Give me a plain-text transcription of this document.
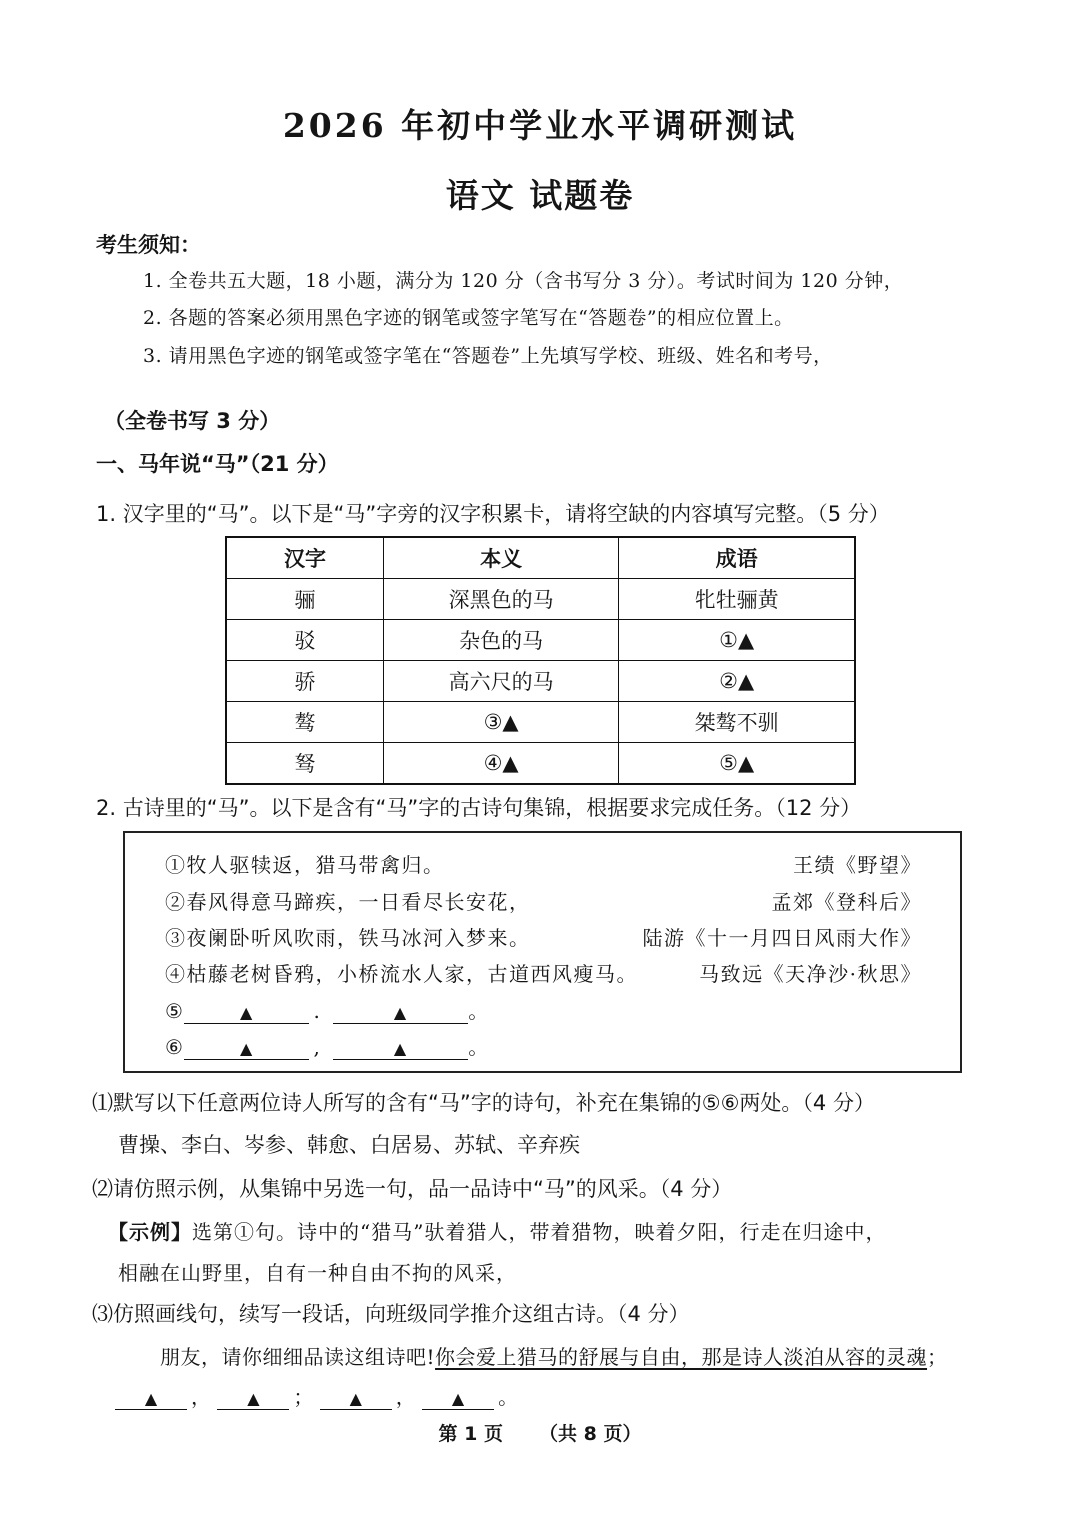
2026 年初中学业水平调研测试
语文 试题卷
考生须知：
1. 全卷共五大题，18 小题，满分为 120 分（含书写分 3 分）。考试时间为 120 分钟，
2. 各题的答案必须用黑色字迹的钢笔或签字笔写在“答题卷”的相应位置上。
3. 请用黑色字迹的钢笔或签字笔在“答题卷”上先填写学校、班级、姓名和考号，
（全卷书写 3 分）
一、马年说“马”（21 分）
1. 汉字里的“马”。以下是“马”字旁的汉字积累卡，请将空缺的内容填写完整。（5 分）
汉字	本义	成语
骊	深黑色的马	牝牡骊黄
驳	杂色的马	①▲
骄	高六尺的马	②▲
骜	③▲	桀骜不驯
驽	④▲	⑤▲
2. 古诗里的“马”。以下是含有“马”字的古诗句集锦，根据要求完成任务。（12 分）
①牧人驱犊返，猎马带禽归。	王绩《野望》
②春风得意马蹄疾，一日看尽长安花，	孟郊《登科后》
③夜阑卧听风吹雨，铁马冰河入梦来。	陆游《十一月四日风雨大作》
④枯藤老树昏鸦，小桥流水人家，古道西风瘦马。	马致远《天净沙·秋思》
⑤	▲	.	▲	。
⑥	▲	,	▲	。
⑴默写以下任意两位诗人所写的含有“马”字的诗句，补充在集锦的⑤⑥两处。（4 分）
曹操、李白、岑参、韩愈、白居易、苏轼、辛弃疾
⑵请仿照示例，从集锦中另选一句，品一品诗中“马”的风采。（4 分）
【示例】选第①句。诗中的“猎马”驮着猎人，带着猎物，映着夕阳，行走在归途中，
相融在山野里，自有一种自由不拘的风采，
⑶仿照画线句，续写一段话，向班级同学推介这组古诗。（4 分）
朋友，请你细细品读这组诗吧!你会爱上猎马的舒展与自由，那是诗人淡泊从容的灵魂；
▲ ， ▲ ； ▲ ， ▲ 。
第 1 页 （共 8 页）
